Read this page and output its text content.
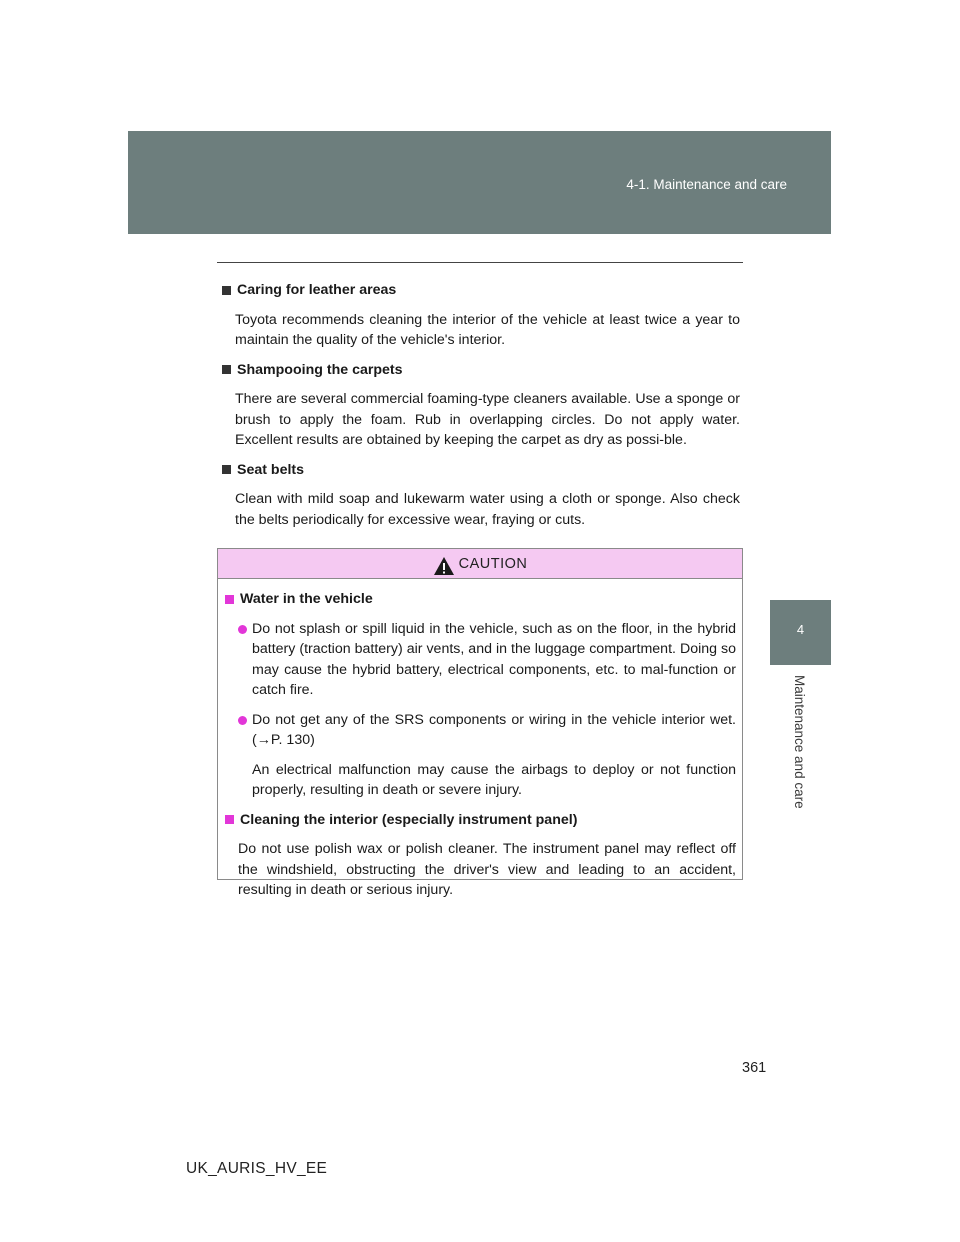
4-1. Maintenance and care
4
Maintenance and care
Caring for leather areas

Toyota recommends cleaning the interior of the vehicle at least twice a year to maintain the quality of the vehicle's interior.

Shampooing the carpets

There are several commercial foaming-type cleaners available. Use a sponge or brush to apply the foam. Rub in overlapping circles. Do not apply water. Excellent results are obtained by keeping the carpet as dry as possi-ble.

Seat belts

Clean with mild soap and lukewarm water using a cloth or sponge. Also check the belts periodically for excessive wear, fraying or cuts.

CAUTION
Water in the vehicle
Do not splash or spill liquid in the vehicle, such as on the floor, in the hybrid battery (traction battery) air vents, and in the luggage compartment. Doing so may cause the hybrid battery, electrical components, etc. to mal-function or catch fire.
Do not get any of the SRS components or wiring in the vehicle interior wet. (→P. 130)
An electrical malfunction may cause the airbags to deploy or not function properly, resulting in death or severe injury.
Cleaning the interior (especially instrument panel)
Do not use polish wax or polish cleaner. The instrument panel may reflect off the windshield, obstructing the driver's view and leading to an accident, resulting in death or serious injury.
361
UK_AURIS_HV_EE
